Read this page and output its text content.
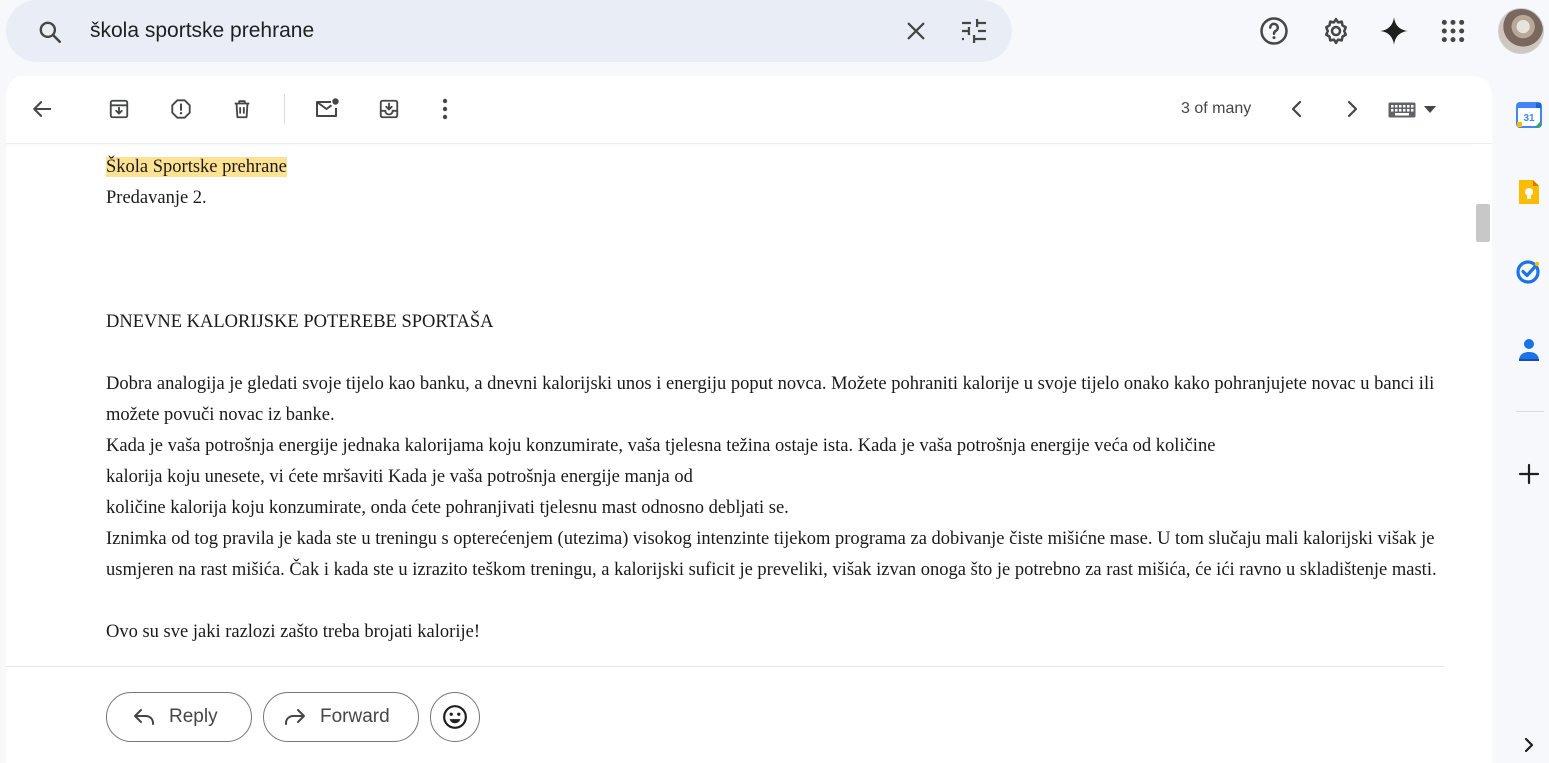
škola sportske prehrane
3 of many

Škola Sportske prehrane

Predavanje 2.

DNEVNE KALORIJSKE POTEREBE SPORTAŠA

Dobra analogija je gledati svoje tijelo kao banku, a dnevni kalorijski unos i energiju poput novca. Možete pohraniti kalorije u svoje tijelo onako kako pohranjujete novac u banci ili možete povuči novac iz banke.

Kada je vaša potrošnja energije jednaka kalorijama koju konzumirate, vaša tjelesna težina ostaje ista. Kada je vaša potrošnja energije veća od količine

kalorija koju unesete, vi ćete mršaviti Kada je vaša potrošnja energije manja od

količine kalorija koju konzumirate, onda ćete pohranjivati tjelesnu mast odnosno debljati se.

Iznimka od tog pravila je kada ste u treningu s opterećenjem (utezima) visokog intenzinte tijekom programa za dobivanje čiste mišićne mase. U tom slučaju mali kalorijski višak je usmjeren na rast mišića. Čak i kada ste u izrazito teškom treningu, a kalorijski suficit je preveliki, višak izvan onoga što je potrebno za rast mišića, će ići ravno u skladištenje masti.

Ovo su sve jaki razlozi zašto treba brojati kalorije!

Reply	Forward
31
